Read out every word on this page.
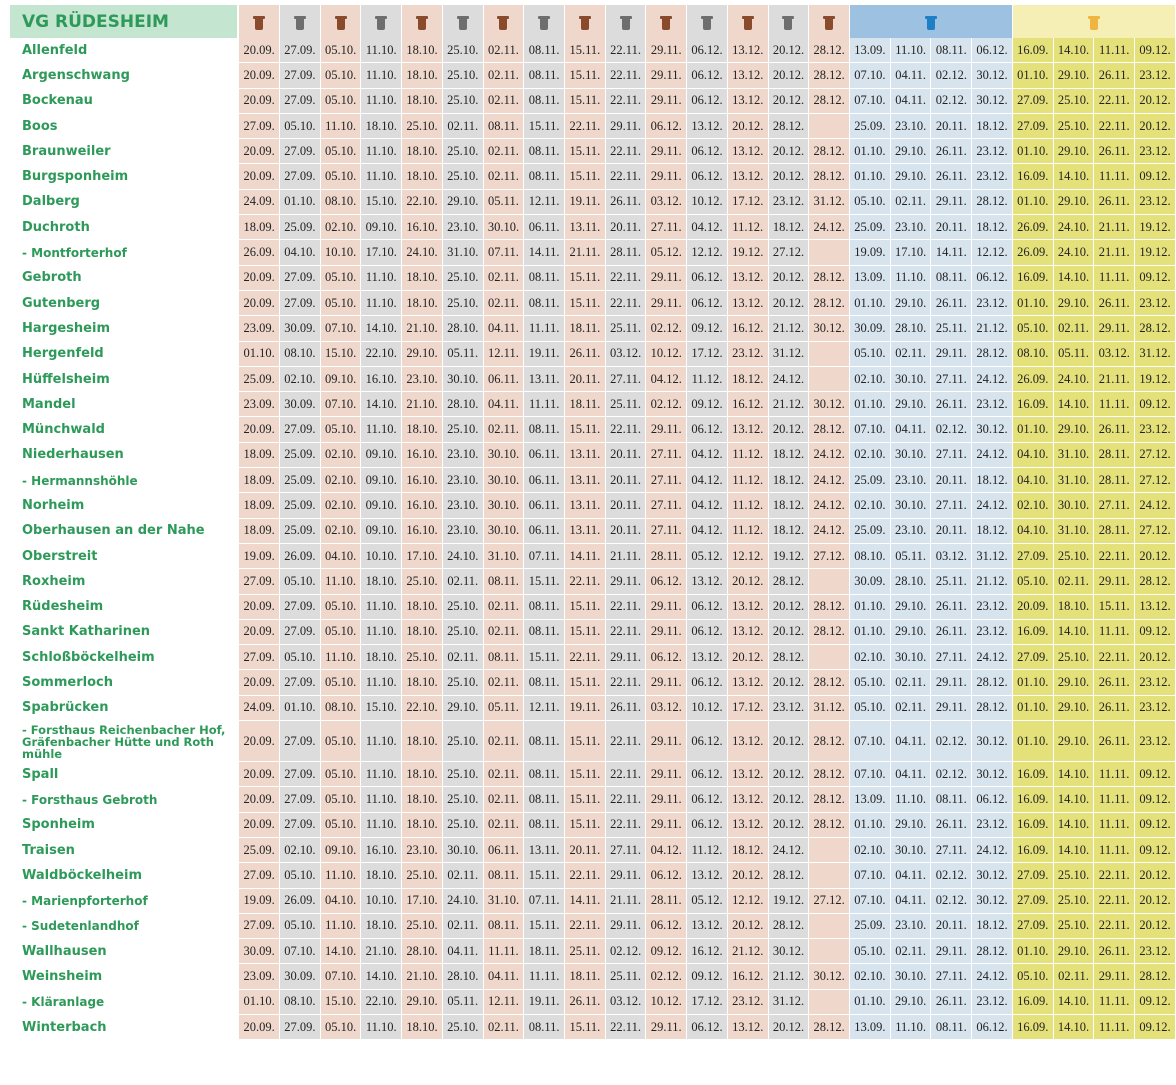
VG RÜDESHEIM							

Allenfeld	20.09.	27.09.	05.10.	11.10.	18.10.	25.10.	02.11.	08.11.	15.11.	22.11.	29.11.	06.12.	13.12.	20.12.	28.12.	13.09.	11.10.	08.11.	06.12.	16.09.	14.10.	11.11.	09.12.
Argenschwang	20.09.	27.09.	05.10.	11.10.	18.10.	25.10.	02.11.	08.11.	15.11.	22.11.	29.11.	06.12.	13.12.	20.12.	28.12.	07.10.	04.11.	02.12.	30.12.	01.10.	29.10.	26.11.	23.12.
Bockenau	20.09.	27.09.	05.10.	11.10.	18.10.	25.10.	02.11.	08.11.	15.11.	22.11.	29.11.	06.12.	13.12.	20.12.	28.12.	07.10.	04.11.	02.12.	30.12.	27.09.	25.10.	22.11.	20.12.
Boos	27.09.	05.10.	11.10.	18.10.	25.10.	02.11.	08.11.	15.11.	22.11.	29.11.	06.12.	13.12.	20.12.	28.12.		25.09.	23.10.	20.11.	18.12.	27.09.	25.10.	22.11.	20.12.
Braunweiler	20.09.	27.09.	05.10.	11.10.	18.10.	25.10.	02.11.	08.11.	15.11.	22.11.	29.11.	06.12.	13.12.	20.12.	28.12.	01.10.	29.10.	26.11.	23.12.	01.10.	29.10.	26.11.	23.12.
Burgsponheim	20.09.	27.09.	05.10.	11.10.	18.10.	25.10.	02.11.	08.11.	15.11.	22.11.	29.11.	06.12.	13.12.	20.12.	28.12.	01.10.	29.10.	26.11.	23.12.	16.09.	14.10.	11.11.	09.12.
Dalberg	24.09.	01.10.	08.10.	15.10.	22.10.	29.10.	05.11.	12.11.	19.11.	26.11.	03.12.	10.12.	17.12.	23.12.	31.12.	05.10.	02.11.	29.11.	28.12.	01.10.	29.10.	26.11.	23.12.
Duchroth	18.09.	25.09.	02.10.	09.10.	16.10.	23.10.	30.10.	06.11.	13.11.	20.11.	27.11.	04.12.	11.12.	18.12.	24.12.	25.09.	23.10.	20.11.	18.12.	26.09.	24.10.	21.11.	19.12.
- Montforterhof	26.09.	04.10.	10.10.	17.10.	24.10.	31.10.	07.11.	14.11.	21.11.	28.11.	05.12.	12.12.	19.12.	27.12.		19.09.	17.10.	14.11.	12.12.	26.09.	24.10.	21.11.	19.12.
Gebroth	20.09.	27.09.	05.10.	11.10.	18.10.	25.10.	02.11.	08.11.	15.11.	22.11.	29.11.	06.12.	13.12.	20.12.	28.12.	13.09.	11.10.	08.11.	06.12.	16.09.	14.10.	11.11.	09.12.
Gutenberg	20.09.	27.09.	05.10.	11.10.	18.10.	25.10.	02.11.	08.11.	15.11.	22.11.	29.11.	06.12.	13.12.	20.12.	28.12.	01.10.	29.10.	26.11.	23.12.	01.10.	29.10.	26.11.	23.12.
Hargesheim	23.09.	30.09.	07.10.	14.10.	21.10.	28.10.	04.11.	11.11.	18.11.	25.11.	02.12.	09.12.	16.12.	21.12.	30.12.	30.09.	28.10.	25.11.	21.12.	05.10.	02.11.	29.11.	28.12.
Hergenfeld	01.10.	08.10.	15.10.	22.10.	29.10.	05.11.	12.11.	19.11.	26.11.	03.12.	10.12.	17.12.	23.12.	31.12.		05.10.	02.11.	29.11.	28.12.	08.10.	05.11.	03.12.	31.12.
Hüffelsheim	25.09.	02.10.	09.10.	16.10.	23.10.	30.10.	06.11.	13.11.	20.11.	27.11.	04.12.	11.12.	18.12.	24.12.		02.10.	30.10.	27.11.	24.12.	26.09.	24.10.	21.11.	19.12.
Mandel	23.09.	30.09.	07.10.	14.10.	21.10.	28.10.	04.11.	11.11.	18.11.	25.11.	02.12.	09.12.	16.12.	21.12.	30.12.	01.10.	29.10.	26.11.	23.12.	16.09.	14.10.	11.11.	09.12.
Münchwald	20.09.	27.09.	05.10.	11.10.	18.10.	25.10.	02.11.	08.11.	15.11.	22.11.	29.11.	06.12.	13.12.	20.12.	28.12.	07.10.	04.11.	02.12.	30.12.	01.10.	29.10.	26.11.	23.12.
Niederhausen	18.09.	25.09.	02.10.	09.10.	16.10.	23.10.	30.10.	06.11.	13.11.	20.11.	27.11.	04.12.	11.12.	18.12.	24.12.	02.10.	30.10.	27.11.	24.12.	04.10.	31.10.	28.11.	27.12.
- Hermannshöhle	18.09.	25.09.	02.10.	09.10.	16.10.	23.10.	30.10.	06.11.	13.11.	20.11.	27.11.	04.12.	11.12.	18.12.	24.12.	25.09.	23.10.	20.11.	18.12.	04.10.	31.10.	28.11.	27.12.
Norheim	18.09.	25.09.	02.10.	09.10.	16.10.	23.10.	30.10.	06.11.	13.11.	20.11.	27.11.	04.12.	11.12.	18.12.	24.12.	02.10.	30.10.	27.11.	24.12.	02.10.	30.10.	27.11.	24.12.
Oberhausen an der Nahe	18.09.	25.09.	02.10.	09.10.	16.10.	23.10.	30.10.	06.11.	13.11.	20.11.	27.11.	04.12.	11.12.	18.12.	24.12.	25.09.	23.10.	20.11.	18.12.	04.10.	31.10.	28.11.	27.12.
Oberstreit	19.09.	26.09.	04.10.	10.10.	17.10.	24.10.	31.10.	07.11.	14.11.	21.11.	28.11.	05.12.	12.12.	19.12.	27.12.	08.10.	05.11.	03.12.	31.12.	27.09.	25.10.	22.11.	20.12.
Roxheim	27.09.	05.10.	11.10.	18.10.	25.10.	02.11.	08.11.	15.11.	22.11.	29.11.	06.12.	13.12.	20.12.	28.12.		30.09.	28.10.	25.11.	21.12.	05.10.	02.11.	29.11.	28.12.
Rüdesheim	20.09.	27.09.	05.10.	11.10.	18.10.	25.10.	02.11.	08.11.	15.11.	22.11.	29.11.	06.12.	13.12.	20.12.	28.12.	01.10.	29.10.	26.11.	23.12.	20.09.	18.10.	15.11.	13.12.
Sankt Katharinen	20.09.	27.09.	05.10.	11.10.	18.10.	25.10.	02.11.	08.11.	15.11.	22.11.	29.11.	06.12.	13.12.	20.12.	28.12.	01.10.	29.10.	26.11.	23.12.	16.09.	14.10.	11.11.	09.12.
Schloßböckelheim	27.09.	05.10.	11.10.	18.10.	25.10.	02.11.	08.11.	15.11.	22.11.	29.11.	06.12.	13.12.	20.12.	28.12.		02.10.	30.10.	27.11.	24.12.	27.09.	25.10.	22.11.	20.12.
Sommerloch	20.09.	27.09.	05.10.	11.10.	18.10.	25.10.	02.11.	08.11.	15.11.	22.11.	29.11.	06.12.	13.12.	20.12.	28.12.	05.10.	02.11.	29.11.	28.12.	01.10.	29.10.	26.11.	23.12.
Spabrücken	24.09.	01.10.	08.10.	15.10.	22.10.	29.10.	05.11.	12.11.	19.11.	26.11.	03.12.	10.12.	17.12.	23.12.	31.12.	05.10.	02.11.	29.11.	28.12.	01.10.	29.10.	26.11.	23.12.
- Forsthaus Reichenbacher Hof, Gräfenbacher Hütte und Roth mühle	20.09.	27.09.	05.10.	11.10.	18.10.	25.10.	02.11.	08.11.	15.11.	22.11.	29.11.	06.12.	13.12.	20.12.	28.12.	07.10.	04.11.	02.12.	30.12.	01.10.	29.10.	26.11.	23.12.
Spall	20.09.	27.09.	05.10.	11.10.	18.10.	25.10.	02.11.	08.11.	15.11.	22.11.	29.11.	06.12.	13.12.	20.12.	28.12.	07.10.	04.11.	02.12.	30.12.	16.09.	14.10.	11.11.	09.12.
- Forsthaus Gebroth	20.09.	27.09.	05.10.	11.10.	18.10.	25.10.	02.11.	08.11.	15.11.	22.11.	29.11.	06.12.	13.12.	20.12.	28.12.	13.09.	11.10.	08.11.	06.12.	16.09.	14.10.	11.11.	09.12.
Sponheim	20.09.	27.09.	05.10.	11.10.	18.10.	25.10.	02.11.	08.11.	15.11.	22.11.	29.11.	06.12.	13.12.	20.12.	28.12.	01.10.	29.10.	26.11.	23.12.	16.09.	14.10.	11.11.	09.12.
Traisen	25.09.	02.10.	09.10.	16.10.	23.10.	30.10.	06.11.	13.11.	20.11.	27.11.	04.12.	11.12.	18.12.	24.12.		02.10.	30.10.	27.11.	24.12.	16.09.	14.10.	11.11.	09.12.
Waldböckelheim	27.09.	05.10.	11.10.	18.10.	25.10.	02.11.	08.11.	15.11.	22.11.	29.11.	06.12.	13.12.	20.12.	28.12.		07.10.	04.11.	02.12.	30.12.	27.09.	25.10.	22.11.	20.12.
- Marienpforterhof	19.09.	26.09.	04.10.	10.10.	17.10.	24.10.	31.10.	07.11.	14.11.	21.11.	28.11.	05.12.	12.12.	19.12.	27.12.	07.10.	04.11.	02.12.	30.12.	27.09.	25.10.	22.11.	20.12.
- Sudetenlandhof	27.09.	05.10.	11.10.	18.10.	25.10.	02.11.	08.11.	15.11.	22.11.	29.11.	06.12.	13.12.	20.12.	28.12.		25.09.	23.10.	20.11.	18.12.	27.09.	25.10.	22.11.	20.12.
Wallhausen	30.09.	07.10.	14.10.	21.10.	28.10.	04.11.	11.11.	18.11.	25.11.	02.12.	09.12.	16.12.	21.12.	30.12.		05.10.	02.11.	29.11.	28.12.	01.10.	29.10.	26.11.	23.12.
Weinsheim	23.09.	30.09.	07.10.	14.10.	21.10.	28.10.	04.11.	11.11.	18.11.	25.11.	02.12.	09.12.	16.12.	21.12.	30.12.	02.10.	30.10.	27.11.	24.12.	05.10.	02.11.	29.11.	28.12.
- Kläranlage	01.10.	08.10.	15.10.	22.10.	29.10.	05.11.	12.11.	19.11.	26.11.	03.12.	10.12.	17.12.	23.12.	31.12.		01.10.	29.10.	26.11.	23.12.	16.09.	14.10.	11.11.	09.12.
Winterbach	20.09.	27.09.	05.10.	11.10.	18.10.	25.10.	02.11.	08.11.	15.11.	22.11.	29.11.	06.12.	13.12.	20.12.	28.12.	13.09.	11.10.	08.11.	06.12.	16.09.	14.10.	11.11.	09.12.
